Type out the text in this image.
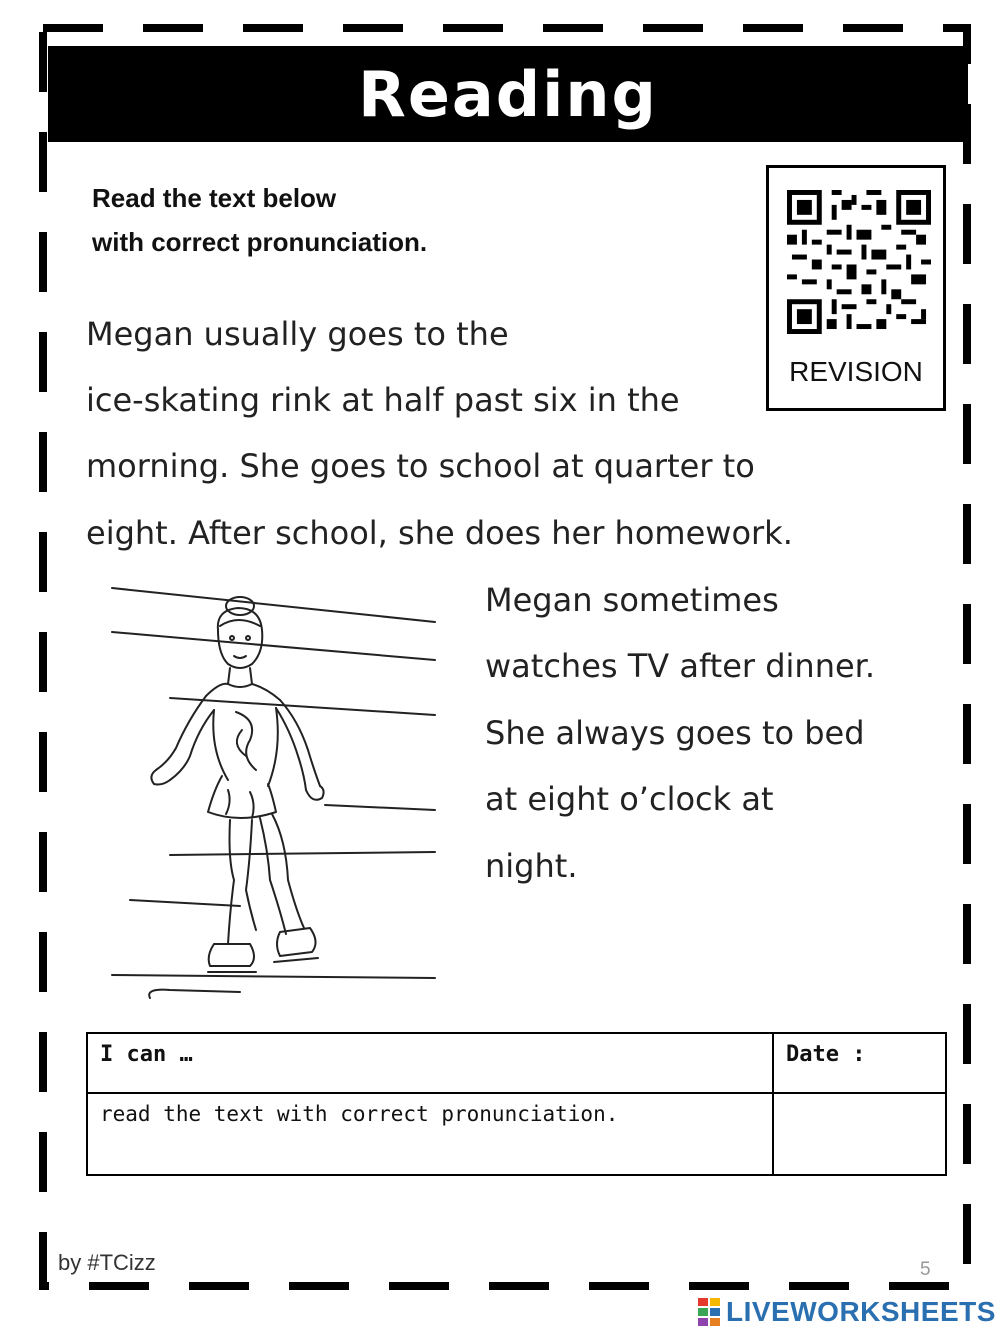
Reading
Read the text below
with correct pronunciation.
REVISION
Megan usually goes to the
ice-skating rink at half past six in the
morning. She goes to school at quarter to
eight. After school, she does her homework.
Megan sometimes
watches TV after dinner.
She always goes to bed
at eight o’clock at
night.
I can …	Date :
read the text with correct pronunciation.	
by #TCizz	5
LIVEWORKSHEETS
